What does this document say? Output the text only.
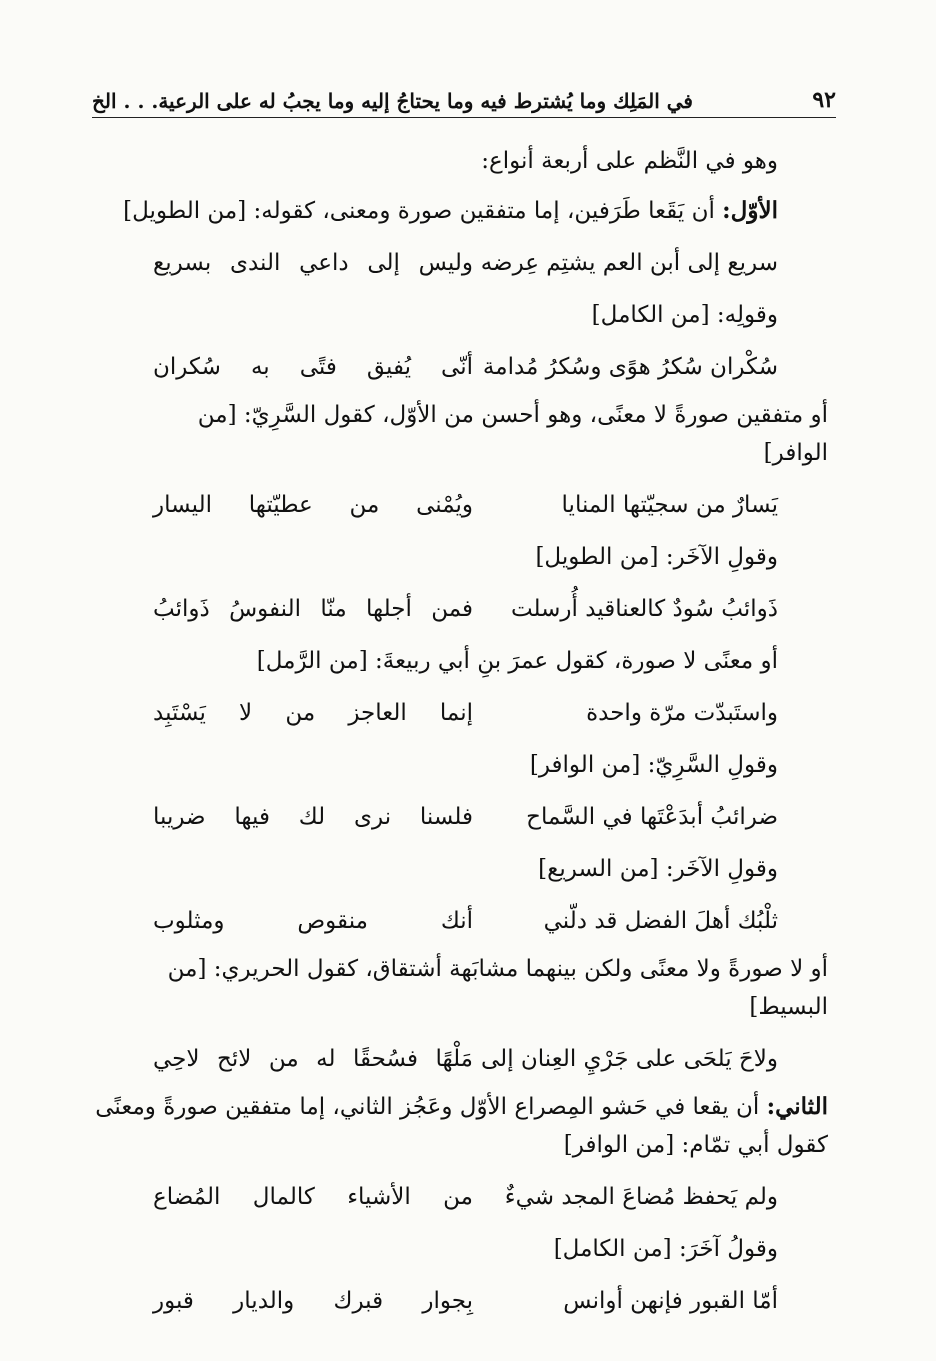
٩٢
في المَلِك وما يُشترط فيه وما يحتاجُ إليه وما يجبُ له على الرعية. . . الخ
وهو في النَّظم على أربعة أنواع:
الأوّل: أن يَقَعا طَرَفين، إما متفقين صورة ومعنى، كقوله: [من الطويل]
سريع إلى أبن العم يشتِم عِرضه
وليس إلى داعي الندى بسريع
وقولِه: [من الكامل]
سُكْران سُكرُ هوًى وسُكرُ مُدامة
أنّى يُفيق فتًى به سُكران
أو متفقين صورةً لا معنًى، وهو أحسن من الأوّل، كقول السَّرِيّ: [من
الوافر]
يَسارٌ من سجيّتها المنايا
ويُمْنى من عطيّتها اليسار
وقولِ الآخَر: [من الطويل]
ذَوائبُ سُودٌ كالعناقيد أُرسلت
فمن أجلها منّا النفوسُ ذَوائبُ
أو معنًى لا صورة، كقول عمرَ بنِ أبي ربيعةَ: [من الرَّمل]
واستَبدّت مرّة واحدة
إنما العاجز من لا يَسْتَبِد
وقولِ السَّرِيّ: [من الوافر]
ضرائبُ أبدَعْتَها في السَّماح
فلسنا نرى لك فيها ضريبا
وقولِ الآخَر: [من السريع]
ثلْبُك أهلَ الفضل قد دلّني
أنك منقوص ومثلوب
أو لا صورةً ولا معنًى ولكن بينهما مشابَهة أشتقاق، كقول الحريري: [من
البسيط]
ولاحَ يَلحَى على جَرْيِ العِنان إلى
مَلْهًا فسُحقًا له من لائح لاحِي
الثاني: أن يقعا في حَشو المِصراع الأوّل وعَجُز الثاني، إما متفقين صورةً ومعنًى
كقول أبي تمّام: [من الوافر]
ولم يَحفظ مُضاعَ المجد شيءٌ
من الأشياء كالمال المُضاع
وقولُ آخَرَ: [من الكامل]
أمّا القبور فإنهن أوانس
بِجوار قبرك والديار قبور
